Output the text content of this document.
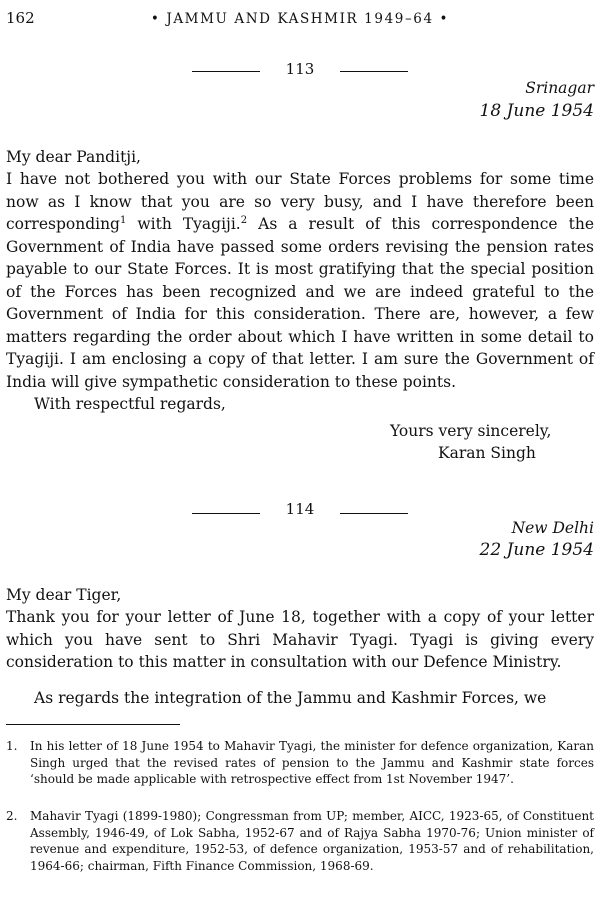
162	• JAMMU AND KASHMIR 1949–64 •
113
Srinagar
18 June 1954
My dear Panditji,
I have not bothered you with our State Forces problems for some time now as I know that you are so very busy, and I have therefore been corresponding$^1$ with Tyagiji.$^2$ As a result of this correspondence the Government of India have passed some orders revising the pension rates payable to our State Forces. It is most gratifying that the special position of the Forces has been recognized and we are indeed grateful to the Government of India for this consideration. There are, however, a few matters regarding the order about which I have written in some detail to Tyagiji. I am enclosing a copy of that letter. I am sure the Government of India will give sympathetic consideration to these points.
With respectful regards,
Yours very sincerely,
Karan Singh
114
New Delhi
22 June 1954
My dear Tiger,
Thank you for your letter of June 18, together with a copy of your letter which you have sent to Shri Mahavir Tyagi. Tyagi is giving every consideration to this matter in consultation with our Defence Ministry.
As regards the integration of the Jammu and Kashmir Forces, we
1. In his letter of 18 June 1954 to Mahavir Tyagi, the minister for defence organization, Karan Singh urged that the revised rates of pension to the Jammu and Kashmir state forces ‘should be made applicable with retrospective effect from 1st November 1947’.
2. Mahavir Tyagi (1899-1980); Congressman from UP; member, AICC, 1923-65, of Constituent Assembly, 1946-49, of Lok Sabha, 1952-67 and of Rajya Sabha 1970-76; Union minister of revenue and expenditure, 1952-53, of defence organization, 1953-57 and of rehabilitation, 1964-66; chairman, Fifth Finance Commission, 1968-69.
